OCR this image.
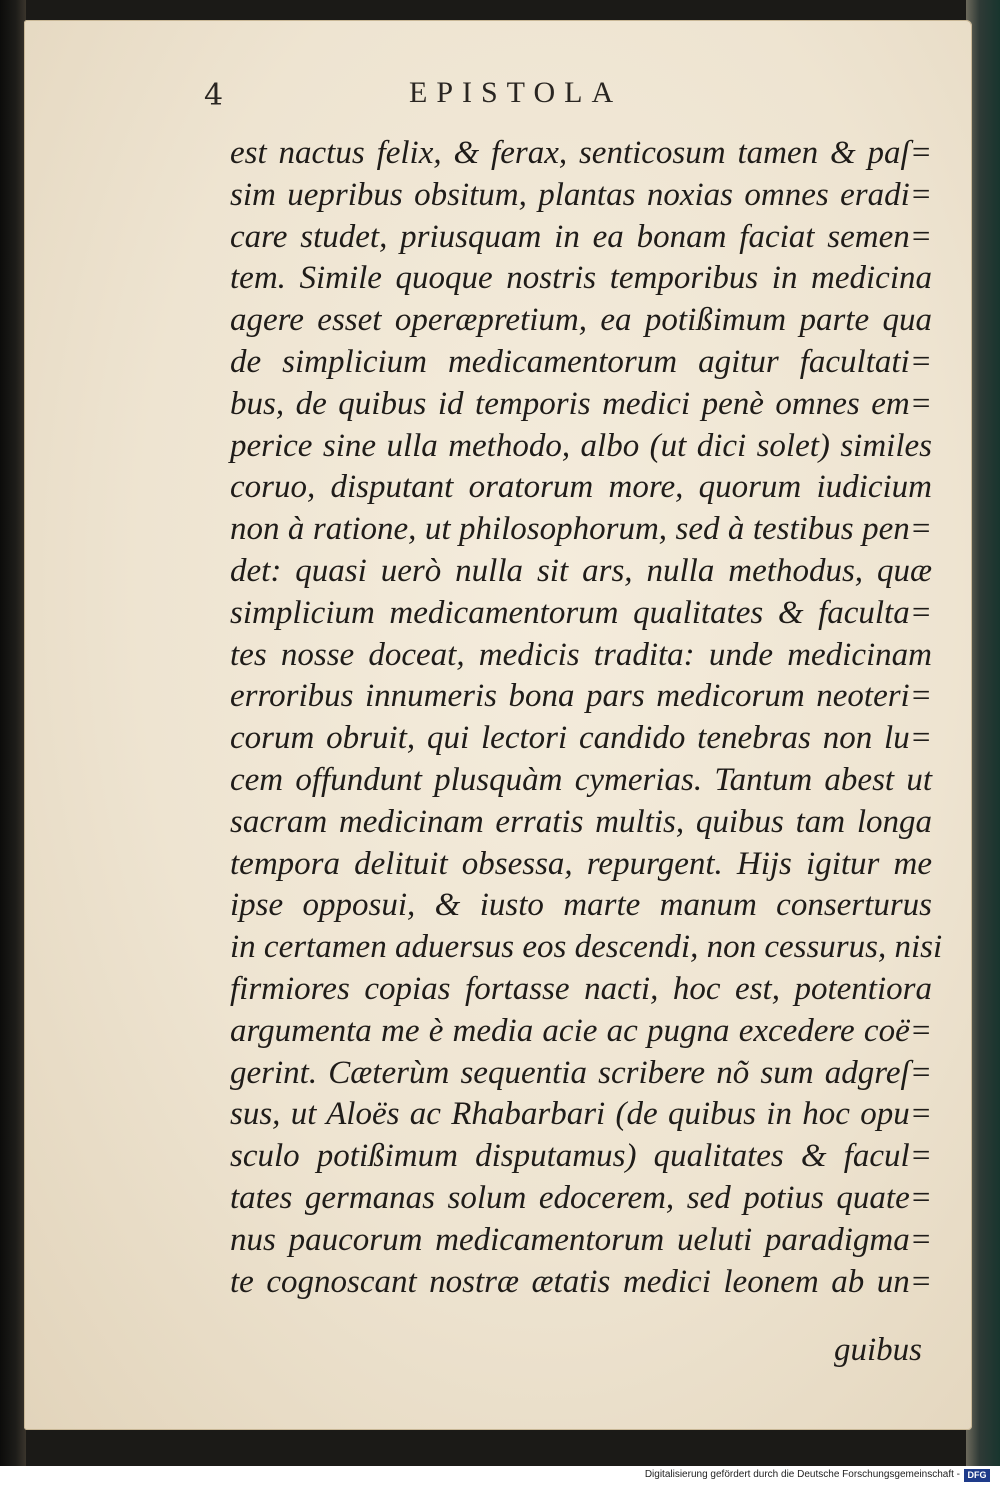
4	EPISTOLA
est nactus felix, & ferax, senticosum tamen & paſ=
sim uepribus obsitum, plantas noxias omnes eradi=
care studet, priusquam in ea bonam faciat semen=
tem. Simile quoque nostris temporibus in medicina
agere esset operæpretium, ea potißimum parte qua
de simplicium medicamentorum agitur facultati=
bus, de quibus id temporis medici penè omnes em=
perice sine ulla methodo, albo (ut dici solet) similes
coruo, disputant oratorum more, quorum iudicium
non à ratione, ut philosophorum, sed à testibus pen=
det: quasi uerò nulla sit ars, nulla methodus, quæ
simplicium medicamentorum qualitates & faculta=
tes nosse doceat, medicis tradita: unde medicinam
erroribus innumeris bona pars medicorum neoteri=
corum obruit, qui lectori candido tenebras non lu=
cem offundunt plusquàm cymerias. Tantum abest ut
sacram medicinam erratis multis, quibus tam longa
tempora delituit obsessa, repurgent. Hijs igitur me
ipse opposui, & iusto marte manum conserturus
in certamen aduersus eos descendi, non cessurus, nisi
firmiores copias fortasse nacti, hoc est, potentiora
argumenta me è media acie ac pugna excedere coë=
gerint. Cæterùm sequentia scribere nõ sum adgreſ=
sus, ut Aloës ac Rhabarbari (de quibus in hoc opu=
sculo potißimum disputamus) qualitates & facul=
tates germanas solum edocerem, sed potius quate=
nus paucorum medicamentorum ueluti paradigma=
te cognoscant nostræ ætatis medici leonem ab un=
guibus
Digitalisierung gefördert durch die Deutsche Forschungsgemeinschaft - DFG
